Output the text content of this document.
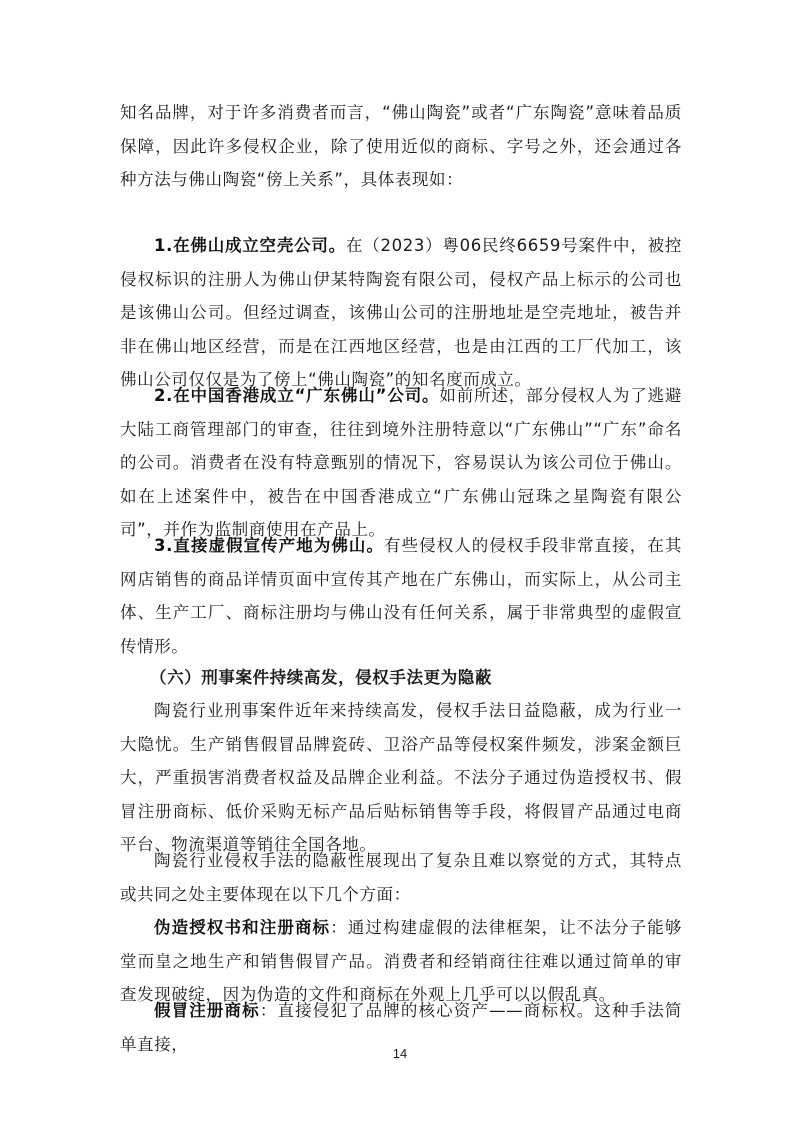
知名品牌，对于许多消费者而言，“佛山陶瓷”或者“广东陶瓷”意味着品质保障，因此许多侵权企业，除了使用近似的商标、字号之外，还会通过各种方法与佛山陶瓷“傍上关系”，具体表现如：

1.在佛山成立空壳公司。在（2023）粤06民终6659号案件中，被控侵权标识的注册人为佛山伊某特陶瓷有限公司，侵权产品上标示的公司也是该佛山公司。但经过调查，该佛山公司的注册地址是空壳地址，被告并非在佛山地区经营，而是在江西地区经营，也是由江西的工厂代加工，该佛山公司仅仅是为了傍上“佛山陶瓷”的知名度而成立。

2.在中国香港成立“广东佛山”公司。如前所述，部分侵权人为了逃避大陆工商管理部门的审查，往往到境外注册特意以“广东佛山”“广东”命名的公司。消费者在没有特意甄别的情况下，容易误认为该公司位于佛山。如在上述案件中，被告在中国香港成立“广东佛山冠珠之星陶瓷有限公司”，并作为监制商使用在产品上。

3.直接虚假宣传产地为佛山。有些侵权人的侵权手段非常直接，在其网店销售的商品详情页面中宣传其产地在广东佛山，而实际上，从公司主体、生产工厂、商标注册均与佛山没有任何关系，属于非常典型的虚假宣传情形。

（六）刑事案件持续高发，侵权手法更为隐蔽

陶瓷行业刑事案件近年来持续高发，侵权手法日益隐蔽，成为行业一大隐忧。生产销售假冒品牌瓷砖、卫浴产品等侵权案件频发，涉案金额巨大，严重损害消费者权益及品牌企业利益。不法分子通过伪造授权书、假冒注册商标、低价采购无标产品后贴标销售等手段，将假冒产品通过电商平台、物流渠道等销往全国各地。

陶瓷行业侵权手法的隐蔽性展现出了复杂且难以察觉的方式，其特点或共同之处主要体现在以下几个方面：

伪造授权书和注册商标：通过构建虚假的法律框架，让不法分子能够堂而皇之地生产和销售假冒产品。消费者和经销商往往难以通过简单的审查发现破绽，因为伪造的文件和商标在外观上几乎可以以假乱真。

假冒注册商标：直接侵犯了品牌的核心资产——商标权。这种手法简单直接，	14
